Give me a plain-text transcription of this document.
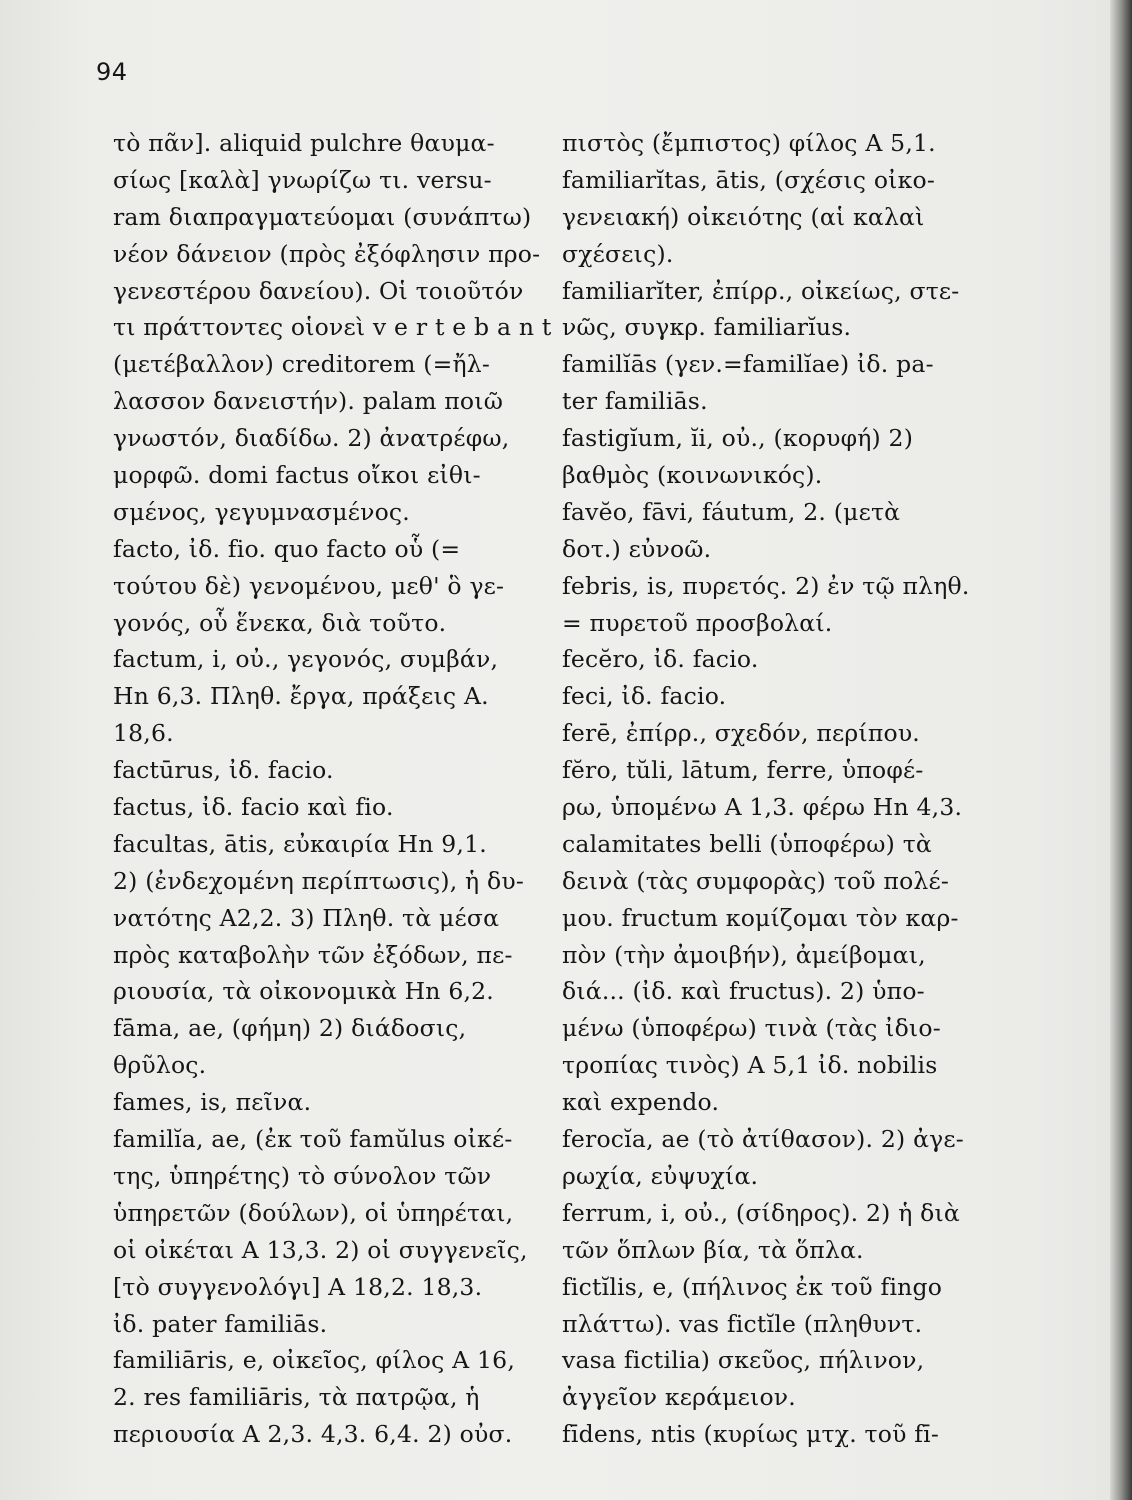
94
τὸ πᾶν]. aliquid pulchre θαυμα-
σίως [καλὰ] γνωρίζω τι. versu-
ram διαπραγματεύομαι (συνάπτω)
νέον δάνειον (πρὸς ἐξόφλησιν προ-
γενεστέρου δανείου). Οἱ τοιοῦτόν
τι πράττοντες οἱονεὶ v e r t e b a n t
(μετέβαλλον) creditorem (=ἤλ-
λασσον δανειστήν). palam ποιῶ
γνωστόν, διαδίδω. 2) ἀνατρέφω,
μορφῶ. domi factus οἴκοι εἰθι-
σμένος, γεγυμνασμένος.
facto, ἰδ. fio. quo facto οὗ (=
τούτου δὲ) γενομένου, μεθ' ὃ γε-
γονός, οὗ ἕνεκα, διὰ τοῦτο.
factum, i, οὐ., γεγονός, συμβάν,
Hn 6,3. Πληθ. ἔργα, πράξεις A.
18,6.
factūrus, ἰδ. facio.
factus, ἰδ. facio καὶ fio.
facultas, ātis, εὐκαιρία Hn 9,1.
2) (ἐνδεχομένη περίπτωσις), ἡ δυ-
νατότης A2,2. 3) Πληθ. τὰ μέσα
πρὸς καταβολὴν τῶν ἐξόδων, πε-
ριουσία, τὰ οἰκονομικὰ Hn 6,2.
fāma, ae, (φήμη) 2) διάδοσις,
θρῦλος.
fames, is, πεῖνα.
familĭa, ae, (ἐκ τοῦ famŭlus οἰκέ-
της, ὑπηρέτης) τὸ σύνολον τῶν
ὑπηρετῶν (δούλων), οἱ ὑπηρέται,
οἱ οἰκέται A 13,3. 2) οἱ συγγενεῖς,
[τὸ συγγενολόγι] A 18,2. 18,3.
ἰδ. pater familiās.
familiāris, e, οἰκεῖος, φίλος A 16,
2. res familiāris, τὰ πατρῷα, ἡ
περιουσία A 2,3. 4,3. 6,4. 2) οὐσ.
πιστὸς (ἔμπιστος) φίλος A 5,1.
familiarĭtas, ātis, (σχέσις οἰκο-
γενειακή) οἰκειότης (αἱ καλαὶ
σχέσεις).
familiarĭter, ἐπίρρ., οἰκείως, στε-
νῶς, συγκρ. familiarĭus.
familĭās (γεν.=familĭae) ἰδ. pa-
ter familiās.
fastigĭum, ĭi, οὐ., (κορυφή) 2)
βαθμὸς (κοινωνικός).
favĕo, fāvi, fáutum, 2. (μετὰ
δοτ.) εὐνοῶ.
febris, is, πυρετός. 2) ἐν τῷ πληθ.
= πυρετοῦ προσβολαί.
fecĕro, ἰδ. facio.
feci, ἰδ. facio.
ferē, ἐπίρρ., σχεδόν, περίπου.
fĕro, tŭli, lātum, ferre, ὑποφέ-
ρω, ὑπομένω A 1,3. φέρω Hn 4,3.
calamitates belli (ὑποφέρω) τὰ
δεινὰ (τὰς συμφορὰς) τοῦ πολέ-
μου. fructum κομίζομαι τὸν καρ-
πὸν (τὴν ἀμοιβήν), ἀμείβομαι,
διά... (ἰδ. καὶ fructus). 2) ὑπο-
μένω (ὑποφέρω) τινὰ (τὰς ἰδιο-
τροπίας τινὸς) A 5,1 ἰδ. nobilis
καὶ expendo.
ferocĭa, ae (τὸ ἀτίθασον). 2) ἀγε-
ρωχία, εὐψυχία.
ferrum, i, οὐ., (σίδηρος). 2) ἡ διὰ
τῶν ὅπλων βία, τὰ ὅπλα.
fictĭlis, e, (πήλινος ἐκ τοῦ fingo
πλάττω). vas fictĭle (πληθυντ.
vasa fictilia) σκεῦος, πήλινον,
ἀγγεῖον κεράμειον.
fīdens, ntis (κυρίως μτχ. τοῦ fī-
